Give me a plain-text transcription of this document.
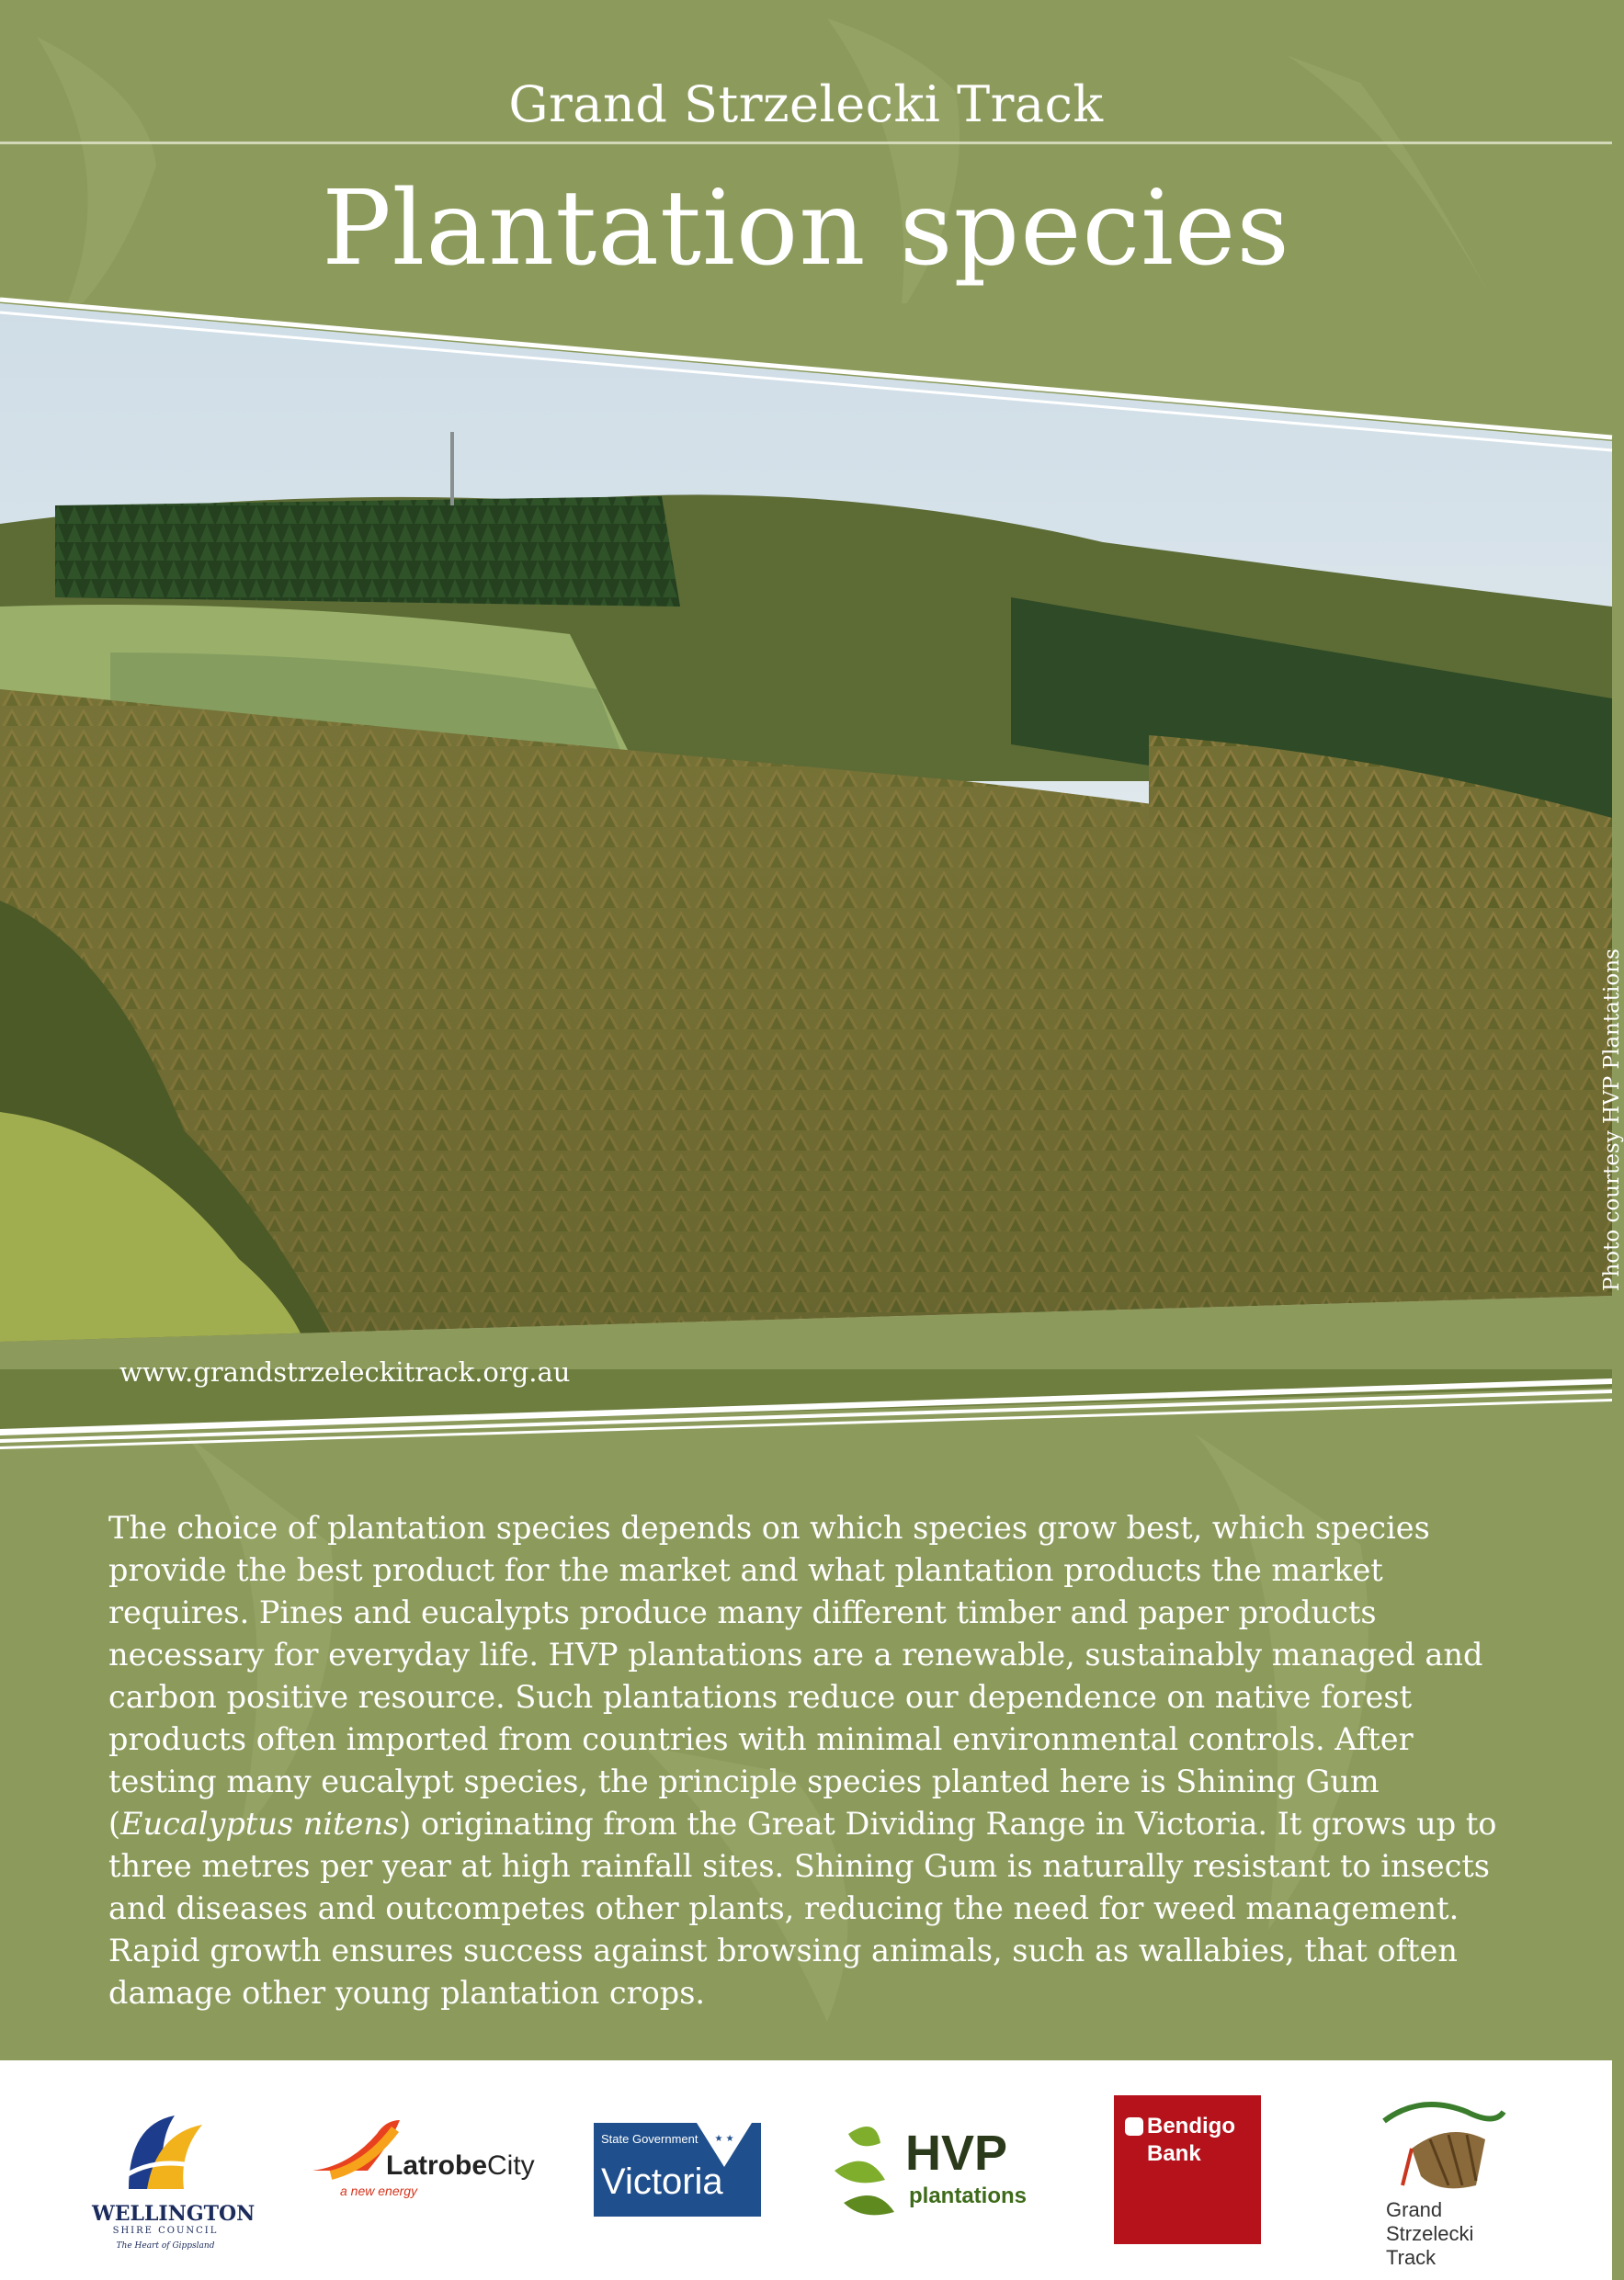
Grand Strzelecki Track
Plantation species
Photo courtesy HVP Plantations
www.grandstrzeleckitrack.org.au
The choice of plantation species depends on which species grow best, which species provide the best product for the market and what plantation products the market requires. Pines and eucalypts produce many different timber and paper products necessary for everyday life. HVP plantations are a renewable, sustainably managed and carbon positive resource. Such plantations reduce our dependence on native forest products often imported from countries with minimal environmental controls. After testing many eucalypt species, the principle species planted here is Shining Gum (Eucalyptus nitens) originating from the Great Dividing Range in Victoria. It grows up to three metres per year at high rainfall sites. Shining Gum is naturally resistant to insects and diseases and outcompetes other plants, reducing the need for weed management. Rapid growth ensures success against browsing animals, such as wallabies, that often damage other young plantation crops.
WELLINGTON
SHIRE COUNCIL
The Heart of Gippsland
LatrobeCity
a new energy
State Government
Victoria
★ ★	HVP
plantations
Bendigo
Bank
Grand
Strzelecki
Track
